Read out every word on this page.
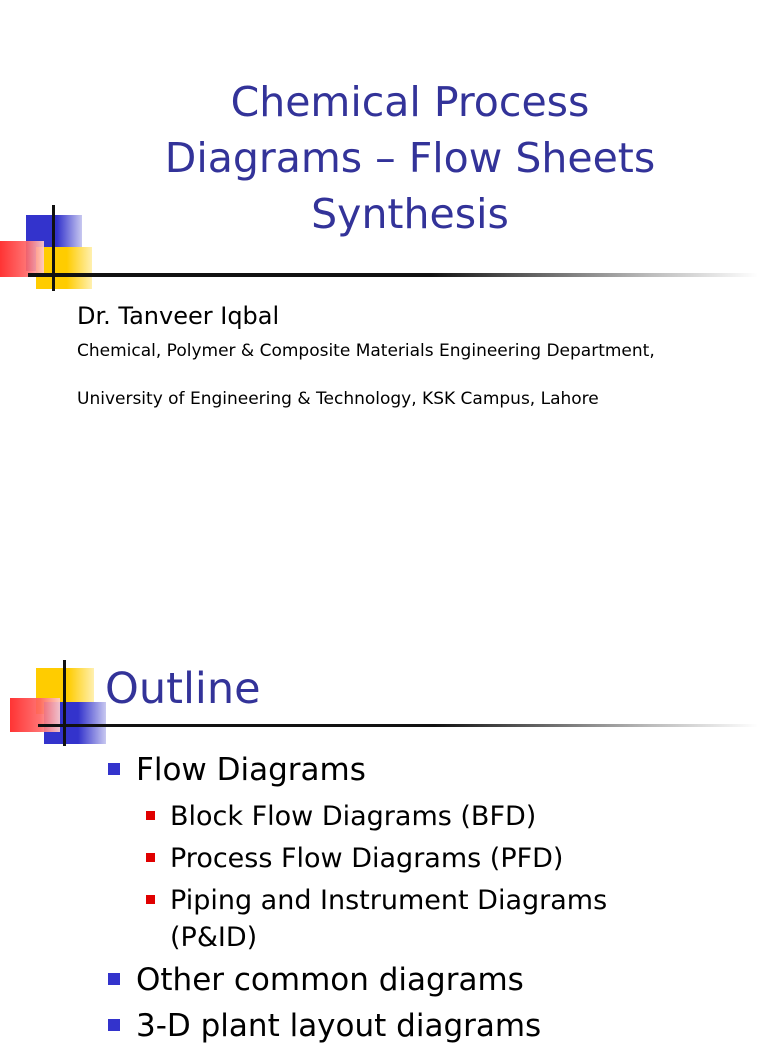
Chemical Process
Diagrams – Flow Sheets
Synthesis
Dr. Tanveer Iqbal
Chemical, Polymer & Composite Materials Engineering Department,
University of Engineering & Technology, KSK Campus, Lahore
Outline
Flow Diagrams
Block Flow Diagrams (BFD)
Process Flow Diagrams (PFD)
Piping and Instrument Diagrams (P&ID)
Other common diagrams
3-D plant layout diagrams
